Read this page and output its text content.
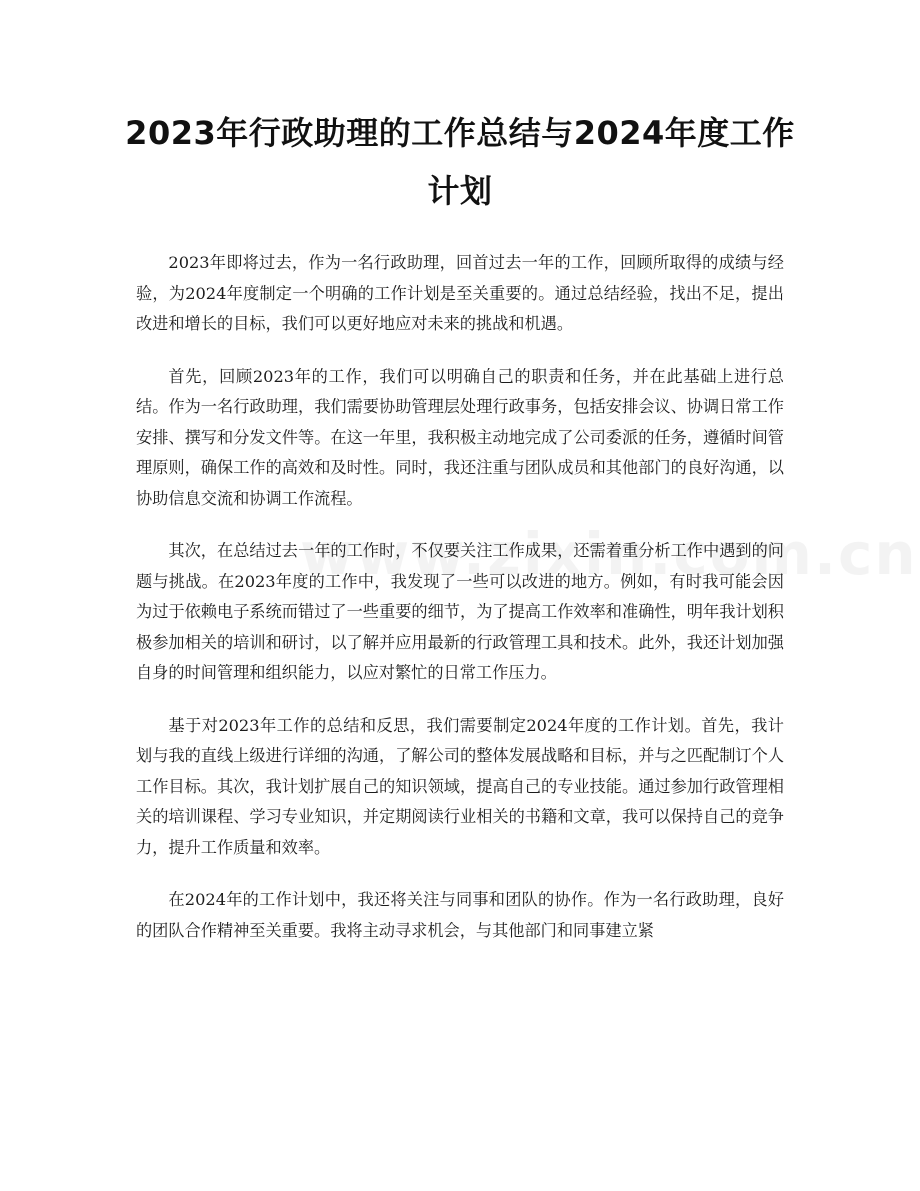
2023年行政助理的工作总结与2024年度工作计划

2023年即将过去，作为一名行政助理，回首过去一年的工作，回顾所取得的成绩与经验，为2024年度制定一个明确的工作计划是至关重要的。通过总结经验，找出不足，提出改进和增长的目标，我们可以更好地应对未来的挑战和机遇。

首先，回顾2023年的工作，我们可以明确自己的职责和任务，并在此基础上进行总结。作为一名行政助理，我们需要协助管理层处理行政事务，包括安排会议、协调日常工作安排、撰写和分发文件等。在这一年里，我积极主动地完成了公司委派的任务，遵循时间管理原则，确保工作的高效和及时性。同时，我还注重与团队成员和其他部门的良好沟通，以协助信息交流和协调工作流程。

其次，在总结过去一年的工作时，不仅要关注工作成果，还需着重分析工作中遇到的问题与挑战。在2023年度的工作中，我发现了一些可以改进的地方。例如，有时我可能会因为过于依赖电子系统而错过了一些重要的细节，为了提高工作效率和准确性，明年我计划积极参加相关的培训和研讨，以了解并应用最新的行政管理工具和技术。此外，我还计划加强自身的时间管理和组织能力，以应对繁忙的日常工作压力。

基于对2023年工作的总结和反思，我们需要制定2024年度的工作计划。首先，我计划与我的直线上级进行详细的沟通，了解公司的整体发展战略和目标，并与之匹配制订个人工作目标。其次，我计划扩展自己的知识领域，提高自己的专业技能。通过参加行政管理相关的培训课程、学习专业知识，并定期阅读行业相关的书籍和文章，我可以保持自己的竞争力，提升工作质量和效率。

在2024年的工作计划中，我还将关注与同事和团队的协作。作为一名行政助理，良好的团队合作精神至关重要。我将主动寻求机会，与其他部门和同事建立紧
